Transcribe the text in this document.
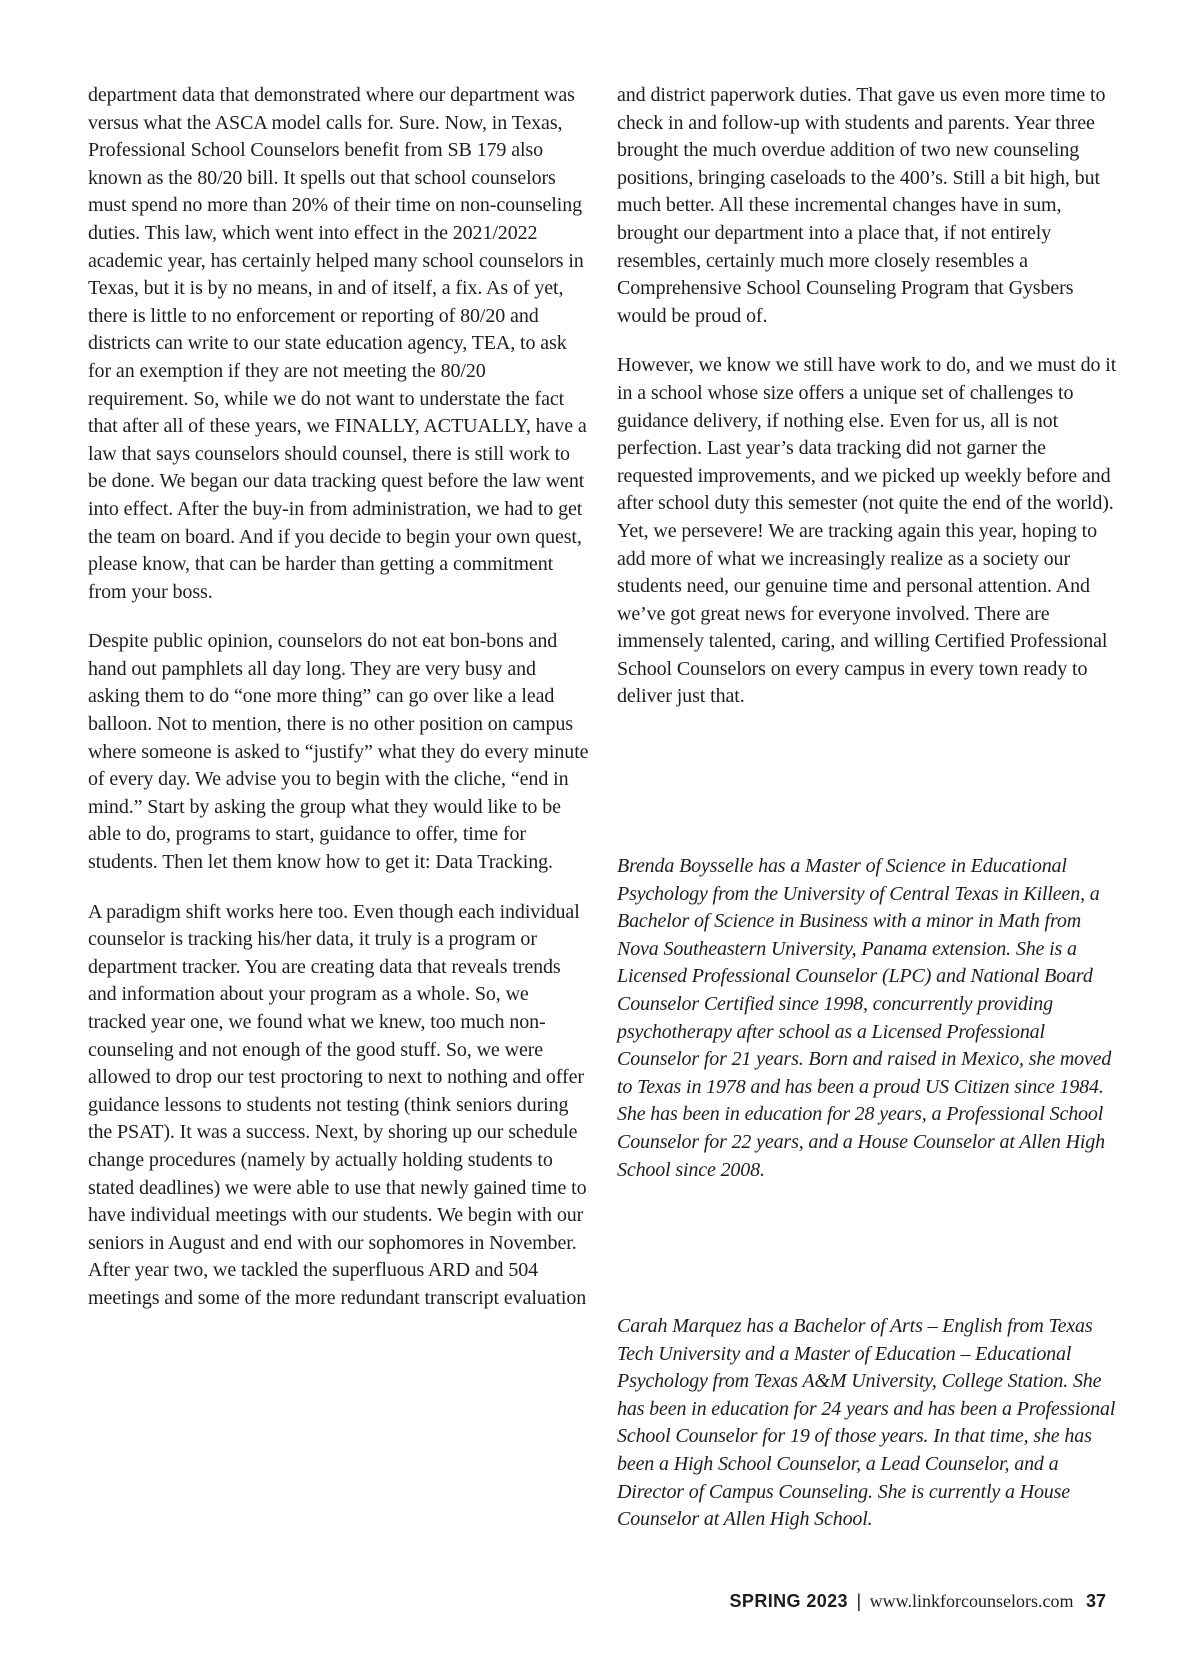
department data that demonstrated where our department was versus what the ASCA model calls for. Sure. Now, in Texas, Professional School Counselors benefit from SB 179 also known as the 80/20 bill. It spells out that school counselors must spend no more than 20% of their time on non-counseling duties. This law, which went into effect in the 2021/2022 academic year, has certainly helped many school counselors in Texas, but it is by no means, in and of itself, a fix. As of yet, there is little to no enforcement or reporting of 80/20 and districts can write to our state education agency, TEA, to ask for an exemption if they are not meeting the 80/20 requirement. So, while we do not want to understate the fact that after all of these years, we FINALLY, ACTUALLY, have a law that says counselors should counsel, there is still work to be done. We began our data tracking quest before the law went into effect. After the buy-in from administration, we had to get the team on board. And if you decide to begin your own quest, please know, that can be harder than getting a commitment from your boss.

Despite public opinion, counselors do not eat bon-bons and hand out pamphlets all day long. They are very busy and asking them to do “one more thing” can go over like a lead balloon. Not to mention, there is no other position on campus where someone is asked to “justify” what they do every minute of every day. We advise you to begin with the cliche, “end in mind.” Start by asking the group what they would like to be able to do, programs to start, guidance to offer, time for students. Then let them know how to get it: Data Tracking.

A paradigm shift works here too. Even though each individual counselor is tracking his/her data, it truly is a program or department tracker. You are creating data that reveals trends and information about your program as a whole. So, we tracked year one, we found what we knew, too much non-counseling and not enough of the good stuff. So, we were allowed to drop our test proctoring to next to nothing and offer guidance lessons to students not testing (think seniors during the PSAT). It was a success. Next, by shoring up our schedule change procedures (namely by actually holding students to stated deadlines) we were able to use that newly gained time to have individual meetings with our students. We begin with our seniors in August and end with our sophomores in November. After year two, we tackled the superfluous ARD and 504 meetings and some of the more redundant transcript evaluation

and district paperwork duties. That gave us even more time to check in and follow-up with students and parents. Year three brought the much overdue addition of two new counseling positions, bringing caseloads to the 400’s. Still a bit high, but much better. All these incremental changes have in sum, brought our department into a place that, if not entirely resembles, certainly much more closely resembles a Comprehensive School Counseling Program that Gysbers would be proud of.

However, we know we still have work to do, and we must do it in a school whose size offers a unique set of challenges to guidance delivery, if nothing else. Even for us, all is not perfection. Last year’s data tracking did not garner the requested improvements, and we picked up weekly before and after school duty this semester (not quite the end of the world). Yet, we persevere! We are tracking again this year, hoping to add more of what we increasingly realize as a society our students need, our genuine time and personal attention. And we’ve got great news for everyone involved. There are immensely talented, caring, and willing Certified Professional School Counselors on every campus in every town ready to deliver just that.

Brenda Boysselle has a Master of Science in Educational Psychology from the University of Central Texas in Killeen, a Bachelor of Science in Business with a minor in Math from Nova Southeastern University, Panama extension. She is a Licensed Professional Counselor (LPC) and National Board Counselor Certified since 1998, concurrently providing psychotherapy after school as a Licensed Professional Counselor for 21 years. Born and raised in Mexico, she moved to Texas in 1978 and has been a proud US Citizen since 1984. She has been in education for 28 years, a Professional School Counselor for 22 years, and a House Counselor at Allen High School since 2008.

Carah Marquez has a Bachelor of Arts – English from Texas Tech University and a Master of Education – Educational Psychology from Texas A&M University, College Station. She has been in education for 24 years and has been a Professional School Counselor for 19 of those years. In that time, she has been a High School Counselor, a Lead Counselor, and a Director of Campus Counseling. She is currently a House Counselor at Allen High School.

SPRING 2023 | www.linkforcounselors.com 37
